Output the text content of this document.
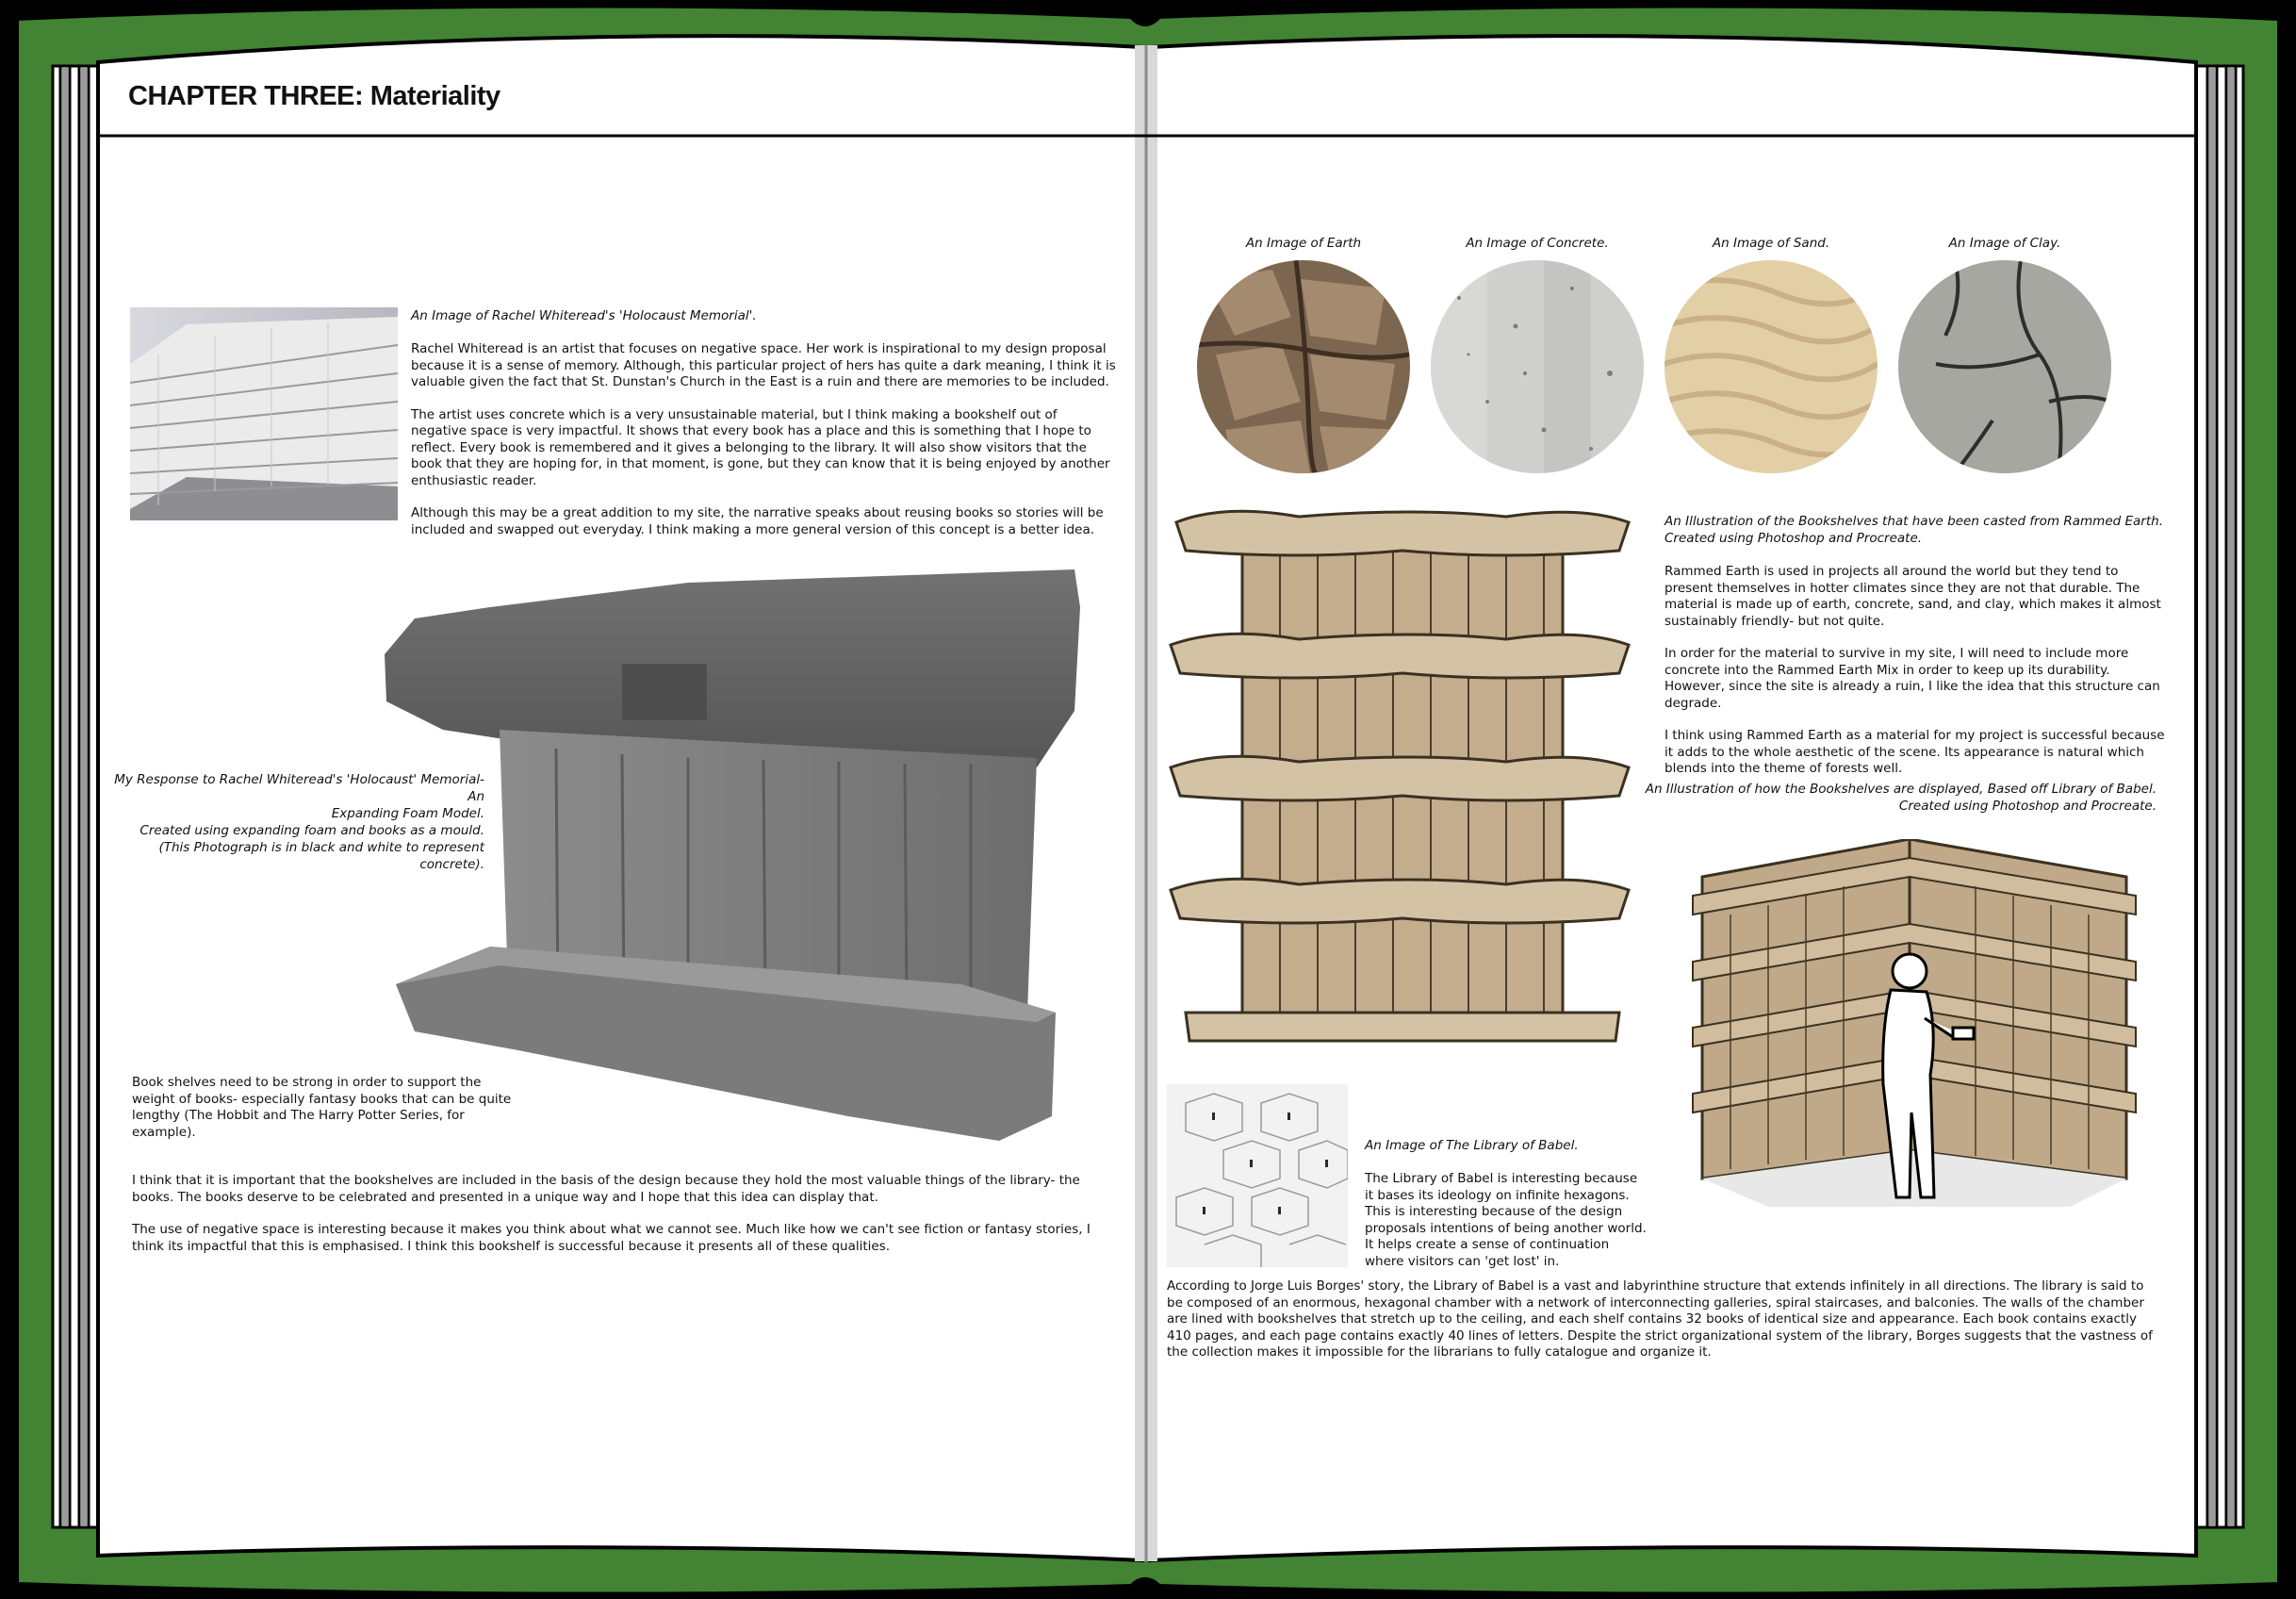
CHAPTER THREE: Materiality
An Image of Rachel Whiteread's 'Holocaust Memorial'.

Rachel Whiteread is an artist that focuses on negative space. Her work is inspirational to my design proposal because it is a sense of memory. Although, this particular project of hers has quite a dark meaning, I think it is valuable given the fact that St. Dunstan's Church in the East is a ruin and there are memories to be included.

The artist uses concrete which is a very unsustainable material, but I think making a bookshelf out of negative space is very impactful. It shows that every book has a place and this is something that I hope to reflect. Every book is remembered and it gives a belonging to the library. It will also show visitors that the book that they are hoping for, in that moment, is gone, but they can know that it is being enjoyed by another enthusiastic reader.

Although this may be a great addition to my site, the narrative speaks about reusing books so stories will be included and swapped out everyday. I think making a more general version of this concept is a better idea.

My Response to Rachel Whiteread's 'Holocaust' Memorial- An
Expanding Foam Model.
Created using expanding foam and books as a mould.
(This Photograph is in black and white to represent concrete).
Book shelves need to be strong in order to support the weight of books- especially fantasy books that can be quite lengthy (The Hobbit and The Harry Potter Series, for example).

I think that it is important that the bookshelves are included in the basis of the design because they hold the most valuable things of the library- the books. The books deserve to be celebrated and presented in a unique way and I hope that this idea can display that.

The use of negative space is interesting because it makes you think about what we cannot see. Much like how we can't see fiction or fantasy stories, I think its impactful that this is emphasised. I think this bookshelf is successful because it presents all of these qualities.

An Image of Earth	An Image of Concrete.	An Image of Sand.	An Image of Clay.
An Illustration of the Bookshelves that have been casted from Rammed Earth.
Created using Photoshop and Procreate.

Rammed Earth is used in projects all around the world but they tend to present themselves in hotter climates since they are not that durable. The material is made up of earth, concrete, sand, and clay, which makes it almost sustainably friendly- but not quite.

In order for the material to survive in my site, I will need to include more concrete into the Rammed Earth Mix in order to keep up its durability. However, since the site is already a ruin, I like the idea that this structure can degrade.

I think using Rammed Earth as a material for my project is successful because it adds to the whole aesthetic of the scene. Its appearance is natural which blends into the theme of forests well.

An Illustration of how the Bookshelves are displayed, Based off Library of Babel.
Created using Photoshop and Procreate.
An Image of The Library of Babel.
The Library of Babel is interesting because it bases its ideology on infinite hexagons. This is interesting because of the design proposals intentions of being another world. It helps create a sense of continuation where visitors can 'get lost' in.
According to Jorge Luis Borges' story, the Library of Babel is a vast and labyrinthine structure that extends infinitely in all directions. The library is said to be composed of an enormous, hexagonal chamber with a network of interconnecting galleries, spiral staircases, and balconies. The walls of the chamber are lined with bookshelves that stretch up to the ceiling, and each shelf contains 32 books of identical size and appearance. Each book contains exactly 410 pages, and each page contains exactly 40 lines of letters. Despite the strict organizational system of the library, Borges suggests that the vastness of the collection makes it impossible for the librarians to fully catalogue and organize it.
